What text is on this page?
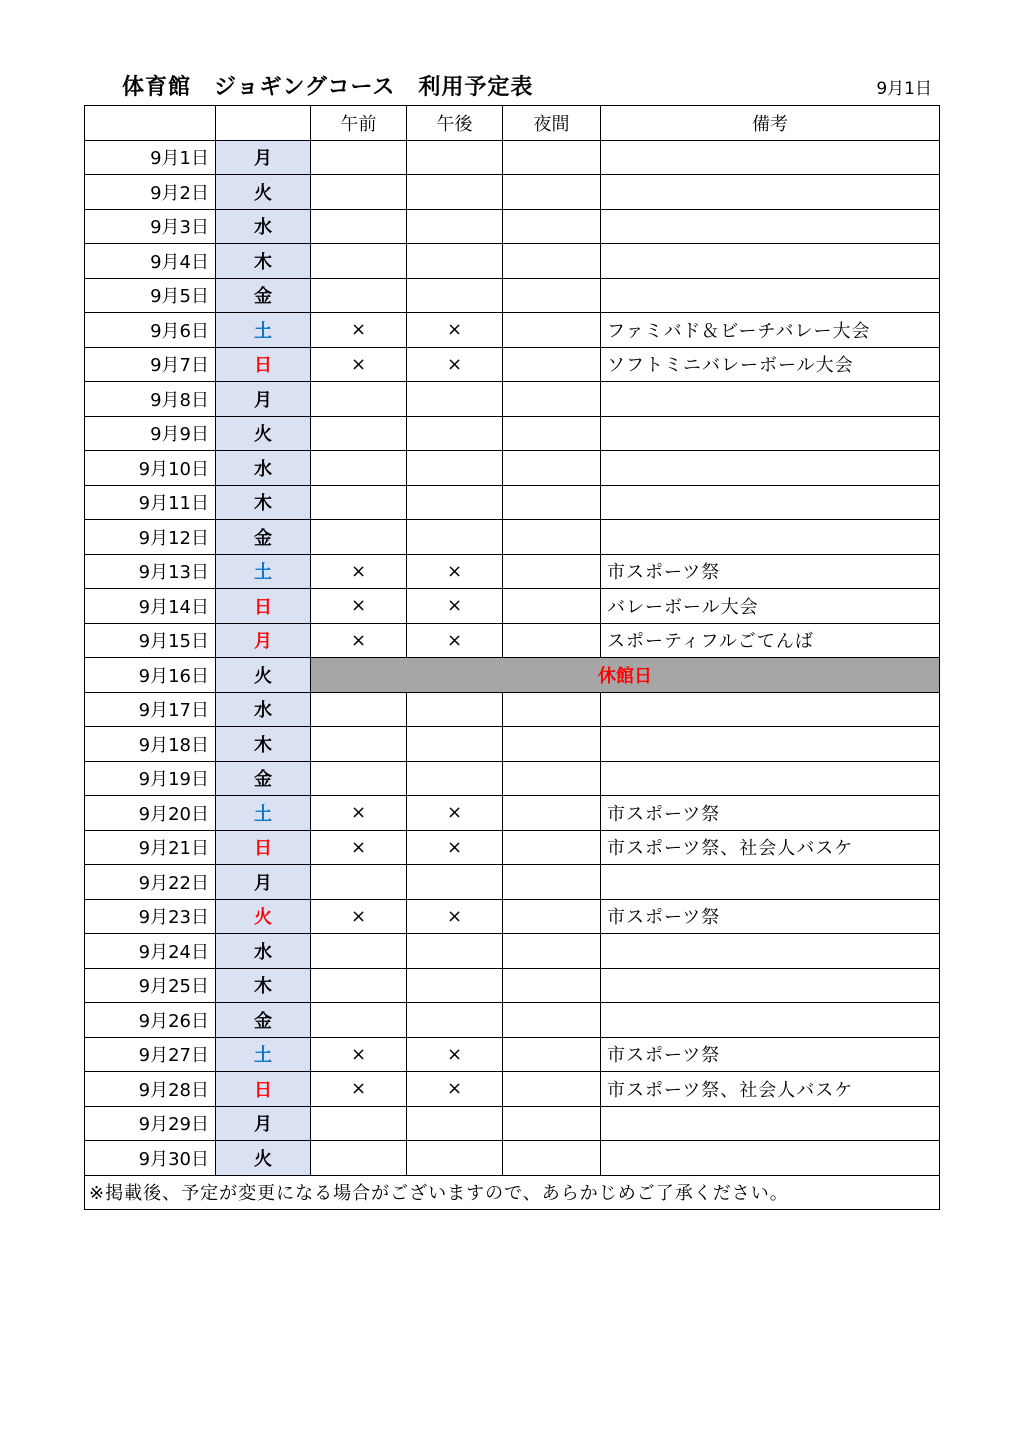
体育館　ジョギングコース　利用予定表	9月1日
		午前	午後	夜間	備考
9月1日	月				
9月2日	火				
9月3日	水				
9月4日	木				
9月5日	金				
9月6日	土	×	×		ファミバド＆ビーチバレー大会
9月7日	日	×	×		ソフトミニバレーボール大会
9月8日	月				
9月9日	火				
9月10日	水				
9月11日	木				
9月12日	金				
9月13日	土	×	×		市スポーツ祭
9月14日	日	×	×		バレーボール大会
9月15日	月	×	×		スポーティフルごてんば
9月16日	火	休館日			
9月17日	水				
9月18日	木				
9月19日	金				
9月20日	土	×	×		市スポーツ祭
9月21日	日	×	×		市スポーツ祭、社会人バスケ
9月22日	月				
9月23日	火	×	×		市スポーツ祭
9月24日	水				
9月25日	木				
9月26日	金				
9月27日	土	×	×		市スポーツ祭
9月28日	日	×	×		市スポーツ祭、社会人バスケ
9月29日	月				
9月30日	火				
※掲載後、予定が変更になる場合がございますので、あらかじめご了承ください。					
